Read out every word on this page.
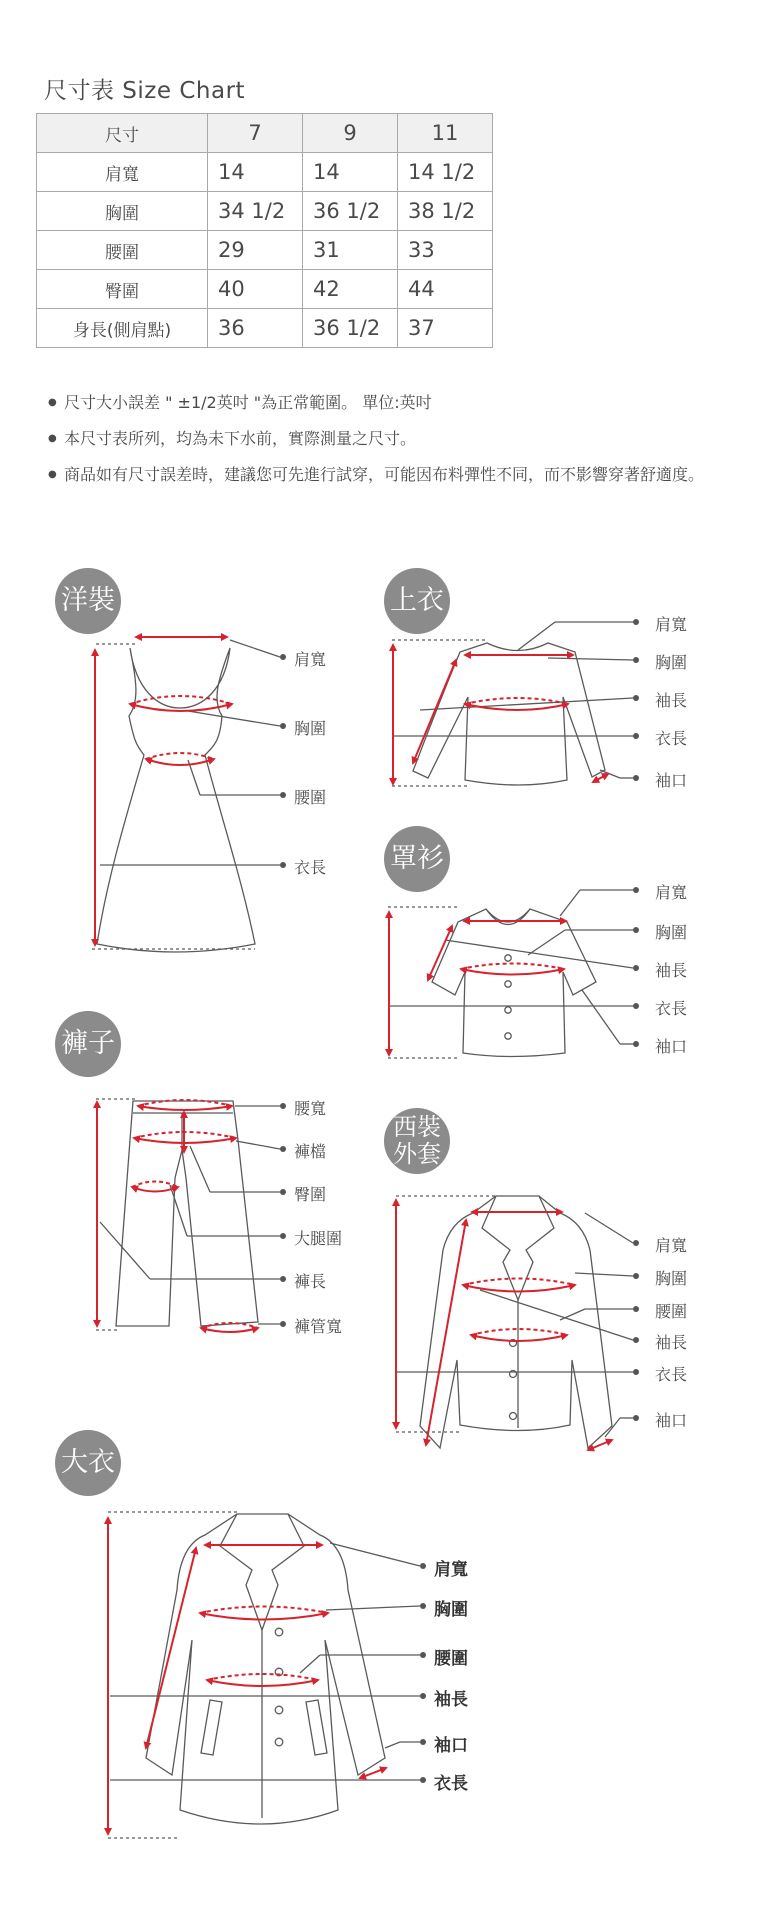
尺寸表 Size Chart
尺寸	7	9	11
肩寬	14	14	14 1/2
胸圍	34 1/2	36 1/2	38 1/2
腰圍	29	31	33
臀圍	40	42	44
身長(側肩點)	36	36 1/2	37
● 尺寸大小誤差 " ±1/2英吋 "為正常範圍。 單位:英吋
● 本尺寸表所列，均為未下水前，實際測量之尺寸。
● 商品如有尺寸誤差時，建議您可先進行試穿，可能因布料彈性不同，而不影響穿著舒適度。
洋裝	上衣
罩衫
褲子
西裝
外套
大衣
肩寬
胸圍
腰圍
衣長
肩寬
胸圍
袖長
衣長
袖口
肩寬
胸圍
袖長
衣長
袖口
腰寬
褲檔
臀圍
大腿圍
褲長
褲管寬
肩寬
胸圍
腰圍
袖長
衣長
袖口
肩寬
胸圍
腰圍
袖長
袖口
衣長
